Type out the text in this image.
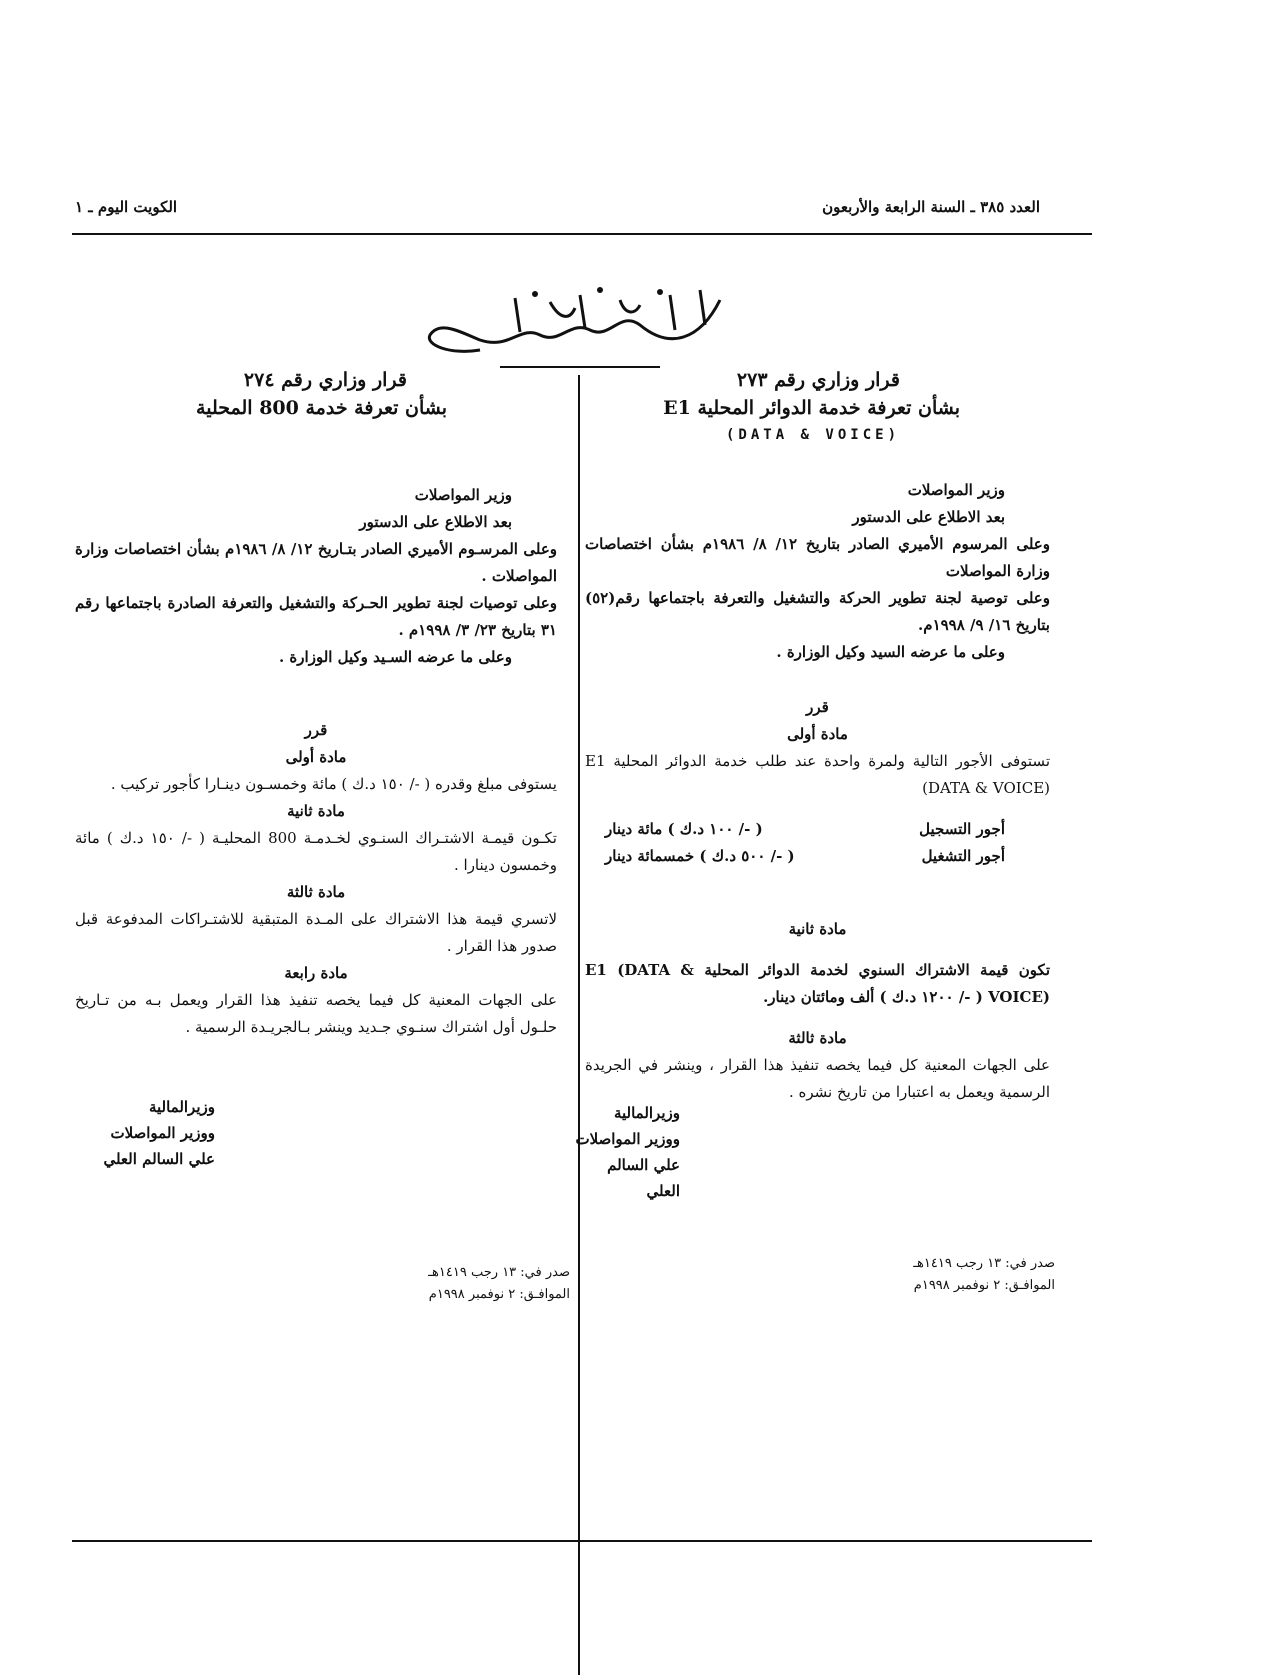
العدد ٣٨٥ ـ السنة الرابعة والأربعون
الكويت اليوم ـ ١

قرار وزاري رقم ٢٧٣

بشأن تعرفة خدمة الدوائر المحلية E1

(DATA & VOICE)

وزير المواصلات

بعد الاطلاع على الدستور

وعلى المرسوم الأميري الصادر بتاريخ ١٢/ ٨/ ١٩٨٦م بشأن اختصاصات وزارة المواصلات

وعلى توصية لجنة تطوير الحركة والتشغيل والتعرفة باجتماعها رقم(٥٢) بتاريخ ١٦/ ٩/ ١٩٩٨م.

وعلى ما عرضه السيد وكيل الوزارة .

قرر

مادة أولى

تستوفى الأجور التالية ولمرة واحدة عند طلب خدمة الدوائر المحلية E1 (DATA & VOICE)

أجور التسجيل
( -/ ١٠٠ د.ك ) مائة دينار
أجور التشغيل
( -/ ٥٠٠ د.ك ) خمسمائة دينار

مادة ثانية

تكون قيمة الاشتراك السنوي لخدمة الدوائر المحلية E1 (DATA & VOICE) ( -/ ١٢٠٠ د.ك ) ألف ومائتان دينار.

مادة ثالثة

على الجهات المعنية كل فيما يخصه تنفيذ هذا القرار ، وينشر في الجريدة الرسمية ويعمل به اعتبارا من تاريخ نشره .

وزيرالمالية

ووزير المواصلات

علي السالم العلي

صدر في: ١٣ رجب ١٤١٩هـ

الموافـق: ٢ نوفمبر ١٩٩٨م

قرار وزاري رقم ٢٧٤

بشأن تعرفة خدمة 800 المحلية

وزير المواصلات

بعد الاطلاع على الدستور

وعلى المرسـوم الأميري الصادر بتـاريخ ١٢/ ٨/ ١٩٨٦م بشأن اختصاصات وزارة المواصلات .

وعلى توصيات لجنة تطوير الحـركة والتشغيل والتعرفة الصادرة باجتماعها رقم ٣١ بتاريخ ٢٣/ ٣/ ١٩٩٨م .

وعلى ما عرضه السـيد وكيل الوزارة .

قرر

مادة أولى

يستوفى مبلغ وقدره ( -/ ١٥٠ د.ك ) مائة وخمسـون دينـارا كأجور تركيب .

مادة ثانية

تكـون قيمـة الاشتـراك السنـوي لخـدمـة 800 المحليـة ( -/ ١٥٠ د.ك ) مائة وخمسون دينارا .

مادة ثالثة

لاتسري قيمة هذا الاشتراك على المـدة المتبقية للاشتـراكات المدفوعة قبل صدور هذا القرار .

مادة رابعة

على الجهات المعنية كل فيما يخصه تنفيذ هذا القرار ويعمل بـه من تـاريخ حلـول أول اشتراك سنـوي جـديد وينشر بـالجريـدة الرسمية .

وزيرالمالية

ووزير المواصلات

علي السالم العلي

صدر في: ١٣ رجب ١٤١٩هـ

الموافـق: ٢ نوفمبر ١٩٩٨م
